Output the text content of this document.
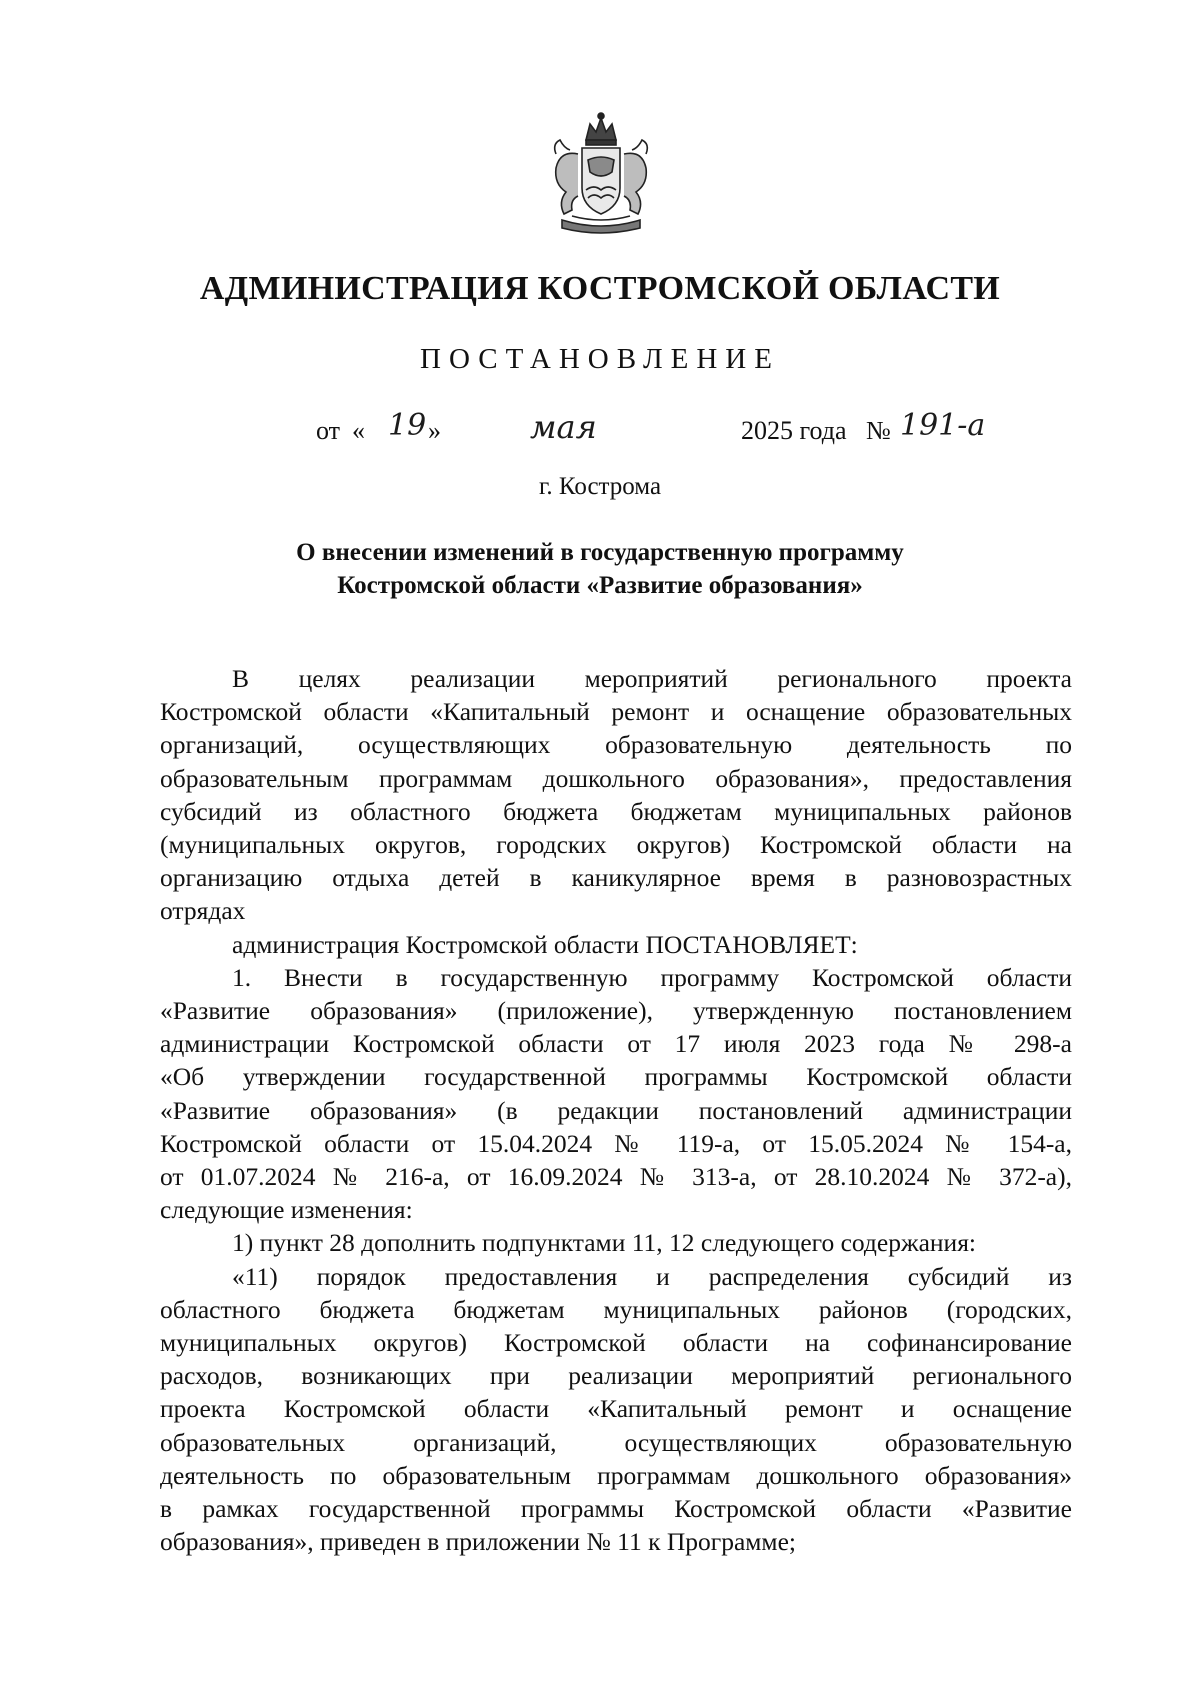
АДМИНИСТРАЦИЯ КОСТРОМСКОЙ ОБЛАСТИ
ПОСТАНОВЛЕНИЕ
от « 19 »	мая	2025 года № 191-а
г. Кострома
О внесении изменений в государственную программу
Костромской области «Развитие образования»

В целях реализации мероприятий регионального проекта

Костромской области «Капитальный ремонт и оснащение образовательных

организаций, осуществляющих образовательную деятельность по

образовательным программам дошкольного образования», предоставления

субсидий из областного бюджета бюджетам муниципальных районов

(муниципальных округов, городских округов) Костромской области на

организацию отдыха детей в каникулярное время в разновозрастных

отрядах

администрация Костромской области ПОСТАНОВЛЯЕТ:

1. Внести в государственную программу Костромской области

«Развитие образования» (приложение), утвержденную постановлением

администрации Костромской области от 17 июля 2023 года № 298-а

«Об утверждении государственной программы Костромской области

«Развитие образования» (в редакции постановлений администрации

Костромской области от 15.04.2024 № 119-а, от 15.05.2024 № 154-а,

от 01.07.2024 № 216-а, от 16.09.2024 № 313-а, от 28.10.2024 № 372-а),

следующие изменения:

1) пункт 28 дополнить подпунктами 11, 12 следующего содержания:

«11) порядок предоставления и распределения субсидий из

областного бюджета бюджетам муниципальных районов (городских,

муниципальных округов) Костромской области на софинансирование

расходов, возникающих при реализации мероприятий регионального

проекта Костромской области «Капитальный ремонт и оснащение

образовательных организаций, осуществляющих образовательную

деятельность по образовательным программам дошкольного образования»

в рамках государственной программы Костромской области «Развитие

образования», приведен в приложении № 11 к Программе;
